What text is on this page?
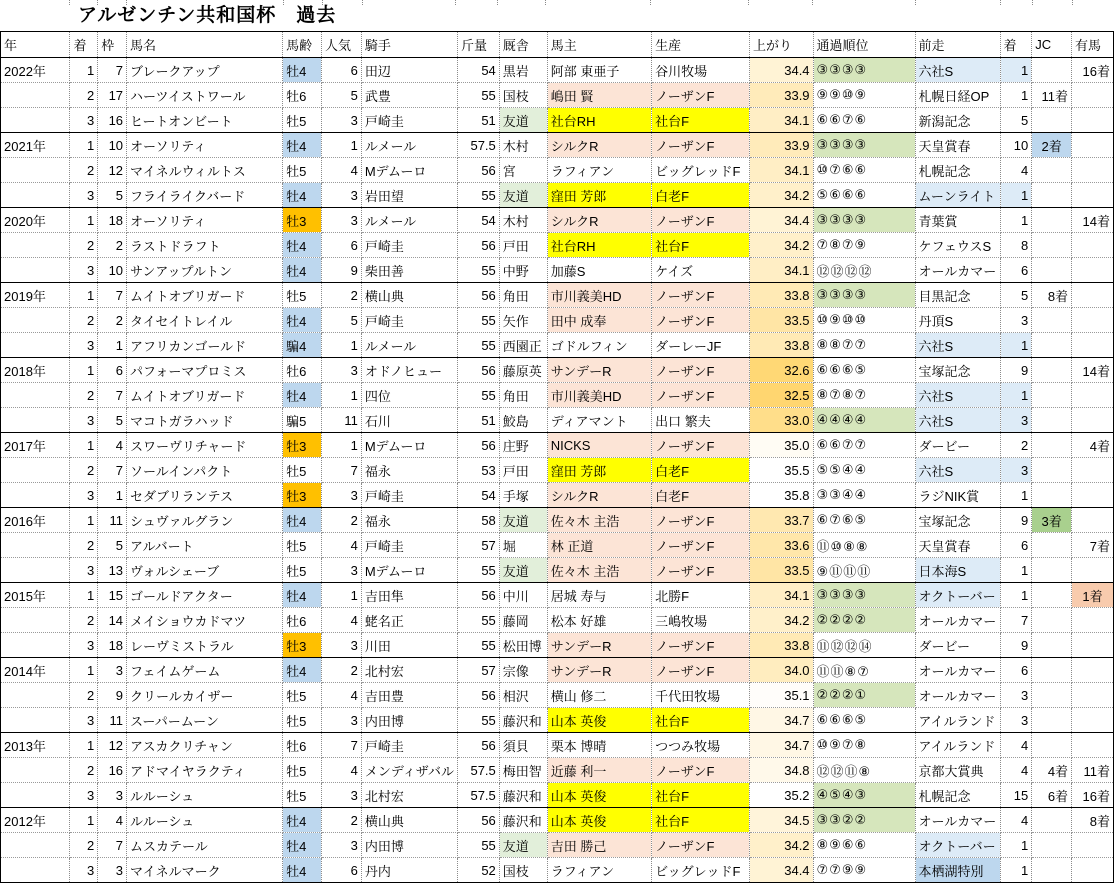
アルゼンチン共和国杯　過去
年	着	枠	馬名	馬齢	人気	騎手	斤量	厩舎	馬主	生産	上がり	通過順位	前走	着	JC	有馬
2022年	1	7	ブレークアップ	牡4	6	田辺	54	黒岩	阿部 東亜子	谷川牧場	34.4	③③③③	六社S	1		16着
	2	17	ハーツイストワール	牡6	5	武豊	55	国枝	嶋田 賢	ノーザンF	33.9	⑨⑨⑩⑨	札幌日経OP	1	11着	
	3	16	ヒートオンビート	牡5	3	戸崎圭	51	友道	社台RH	社台F	34.1	⑥⑥⑦⑥	新潟記念	5		
2021年	1	10	オーソリティ	牡4	1	ルメール	57.5	木村	シルクR	ノーザンF	33.9	③③③③	天皇賞春	10	2着	
	2	12	マイネルウィルトス	牡5	4	Mデムーロ	56	宮	ラフィアン	ビッグレッドF	34.1	⑩⑦⑥⑥	札幌記念	4		
	3	5	フライライクバード	牡4	3	岩田望	55	友道	窪田 芳郎	白老F	34.2	⑤⑥⑥⑥	ムーンライト	1		
2020年	1	18	オーソリティ	牡3	3	ルメール	54	木村	シルクR	ノーザンF	34.4	③③③③	青葉賞	1		14着
	2	2	ラストドラフト	牡4	6	戸崎圭	56	戸田	社台RH	社台F	34.2	⑦⑧⑦⑨	ケフェウスS	8		
	3	10	サンアップルトン	牡4	9	柴田善	55	中野	加藤S	ケイズ	34.1	⑫⑫⑫⑫	オールカマー	6		
2019年	1	7	ムイトオブリガード	牡5	2	横山典	56	角田	市川義美HD	ノーザンF	33.8	③③③③	目黒記念	5	8着	
	2	2	タイセイトレイル	牡4	5	戸崎圭	55	矢作	田中 成奉	ノーザンF	33.5	⑩⑨⑩⑩	丹頂S	3		
	3	1	アフリカンゴールド	騙4	1	ルメール	55	西園正	ゴドルフィン	ダーレーJF	33.8	⑧⑧⑦⑦	六社S	1		
2018年	1	6	パフォーマプロミス	牡6	3	オドノヒュー	56	藤原英	サンデーR	ノーザンF	32.6	⑥⑥⑥⑤	宝塚記念	9		14着
	2	7	ムイトオブリガード	牡4	1	四位	55	角田	市川義美HD	ノーザンF	32.5	⑧⑦⑧⑦	六社S	1		
	3	5	マコトガラハッド	騙5	11	石川	51	鮫島	ディアマント	出口 繁夫	33.0	④④④④	六社S	3		
2017年	1	4	スワーヴリチャード	牡3	1	Mデムーロ	56	庄野	NICKS	ノーザンF	35.0	⑥⑥⑦⑦	ダービー	2		4着
	2	7	ソールインパクト	牡5	7	福永	53	戸田	窪田 芳郎	白老F	35.5	⑤⑤④④	六社S	3		
	3	1	セダブリランテス	牡3	3	戸崎圭	54	手塚	シルクR	白老F	35.8	③③④④	ラジNIK賞	1		
2016年	1	11	シュヴァルグラン	牡4	2	福永	58	友道	佐々木 主浩	ノーザンF	33.7	⑥⑦⑥⑤	宝塚記念	9	3着	
	2	5	アルバート	牡5	4	戸崎圭	57	堀	林 正道	ノーザンF	33.6	⑪⑩⑧⑧	天皇賞春	6		7着
	3	13	ヴォルシェーブ	牡5	3	Mデムーロ	55	友道	佐々木 主浩	ノーザンF	33.5	⑨⑪⑪⑪	日本海S	1		
2015年	1	15	ゴールドアクター	牡4	1	吉田隼	56	中川	居城 寿与	北勝F	34.1	③③③③	オクトーバー	1		1着
	2	14	メイショウカドマツ	牡6	4	蛯名正	55	藤岡	松本 好雄	三嶋牧場	34.2	②②②②	オールカマー	7		
	3	18	レーヴミストラル	牡3	3	川田	55	松田博	サンデーR	ノーザンF	33.8	⑪⑫⑫⑭	ダービー	9		
2014年	1	3	フェイムゲーム	牡4	2	北村宏	57	宗像	サンデーR	ノーザンF	34.0	⑪⑪⑧⑦	オールカマー	6		
	2	9	クリールカイザー	牡5	4	吉田豊	56	相沢	横山 修二	千代田牧場	35.1	②②②①	オールカマー	3		
	3	11	スーパームーン	牡5	3	内田博	55	藤沢和	山本 英俊	社台F	34.7	⑥⑥⑥⑤	アイルランド	3		
2013年	1	12	アスカクリチャン	牡6	7	戸崎圭	56	須貝	栗本 博晴	つつみ牧場	34.7	⑩⑨⑦⑧	アイルランド	4		
	2	16	アドマイヤラクティ	牡5	4	メンディザバル	57.5	梅田智	近藤 利一	ノーザンF	34.8	⑫⑫⑪⑧	京都大賞典	4	4着	11着
	3	3	ルルーシュ	牡5	3	北村宏	57.5	藤沢和	山本 英俊	社台F	35.2	④⑤④③	札幌記念	15	6着	16着
2012年	1	4	ルルーシュ	牡4	2	横山典	56	藤沢和	山本 英俊	社台F	34.5	③③②②	オールカマー	4		8着
	2	7	ムスカテール	牡4	3	内田博	55	友道	吉田 勝己	ノーザンF	34.2	⑧⑨⑥⑥	オクトーバー	1		
	3	3	マイネルマーク	牡4	6	丹内	52	国枝	ラフィアン	ビッグレッドF	34.4	⑦⑦⑨⑨	本栖湖特別	1		
